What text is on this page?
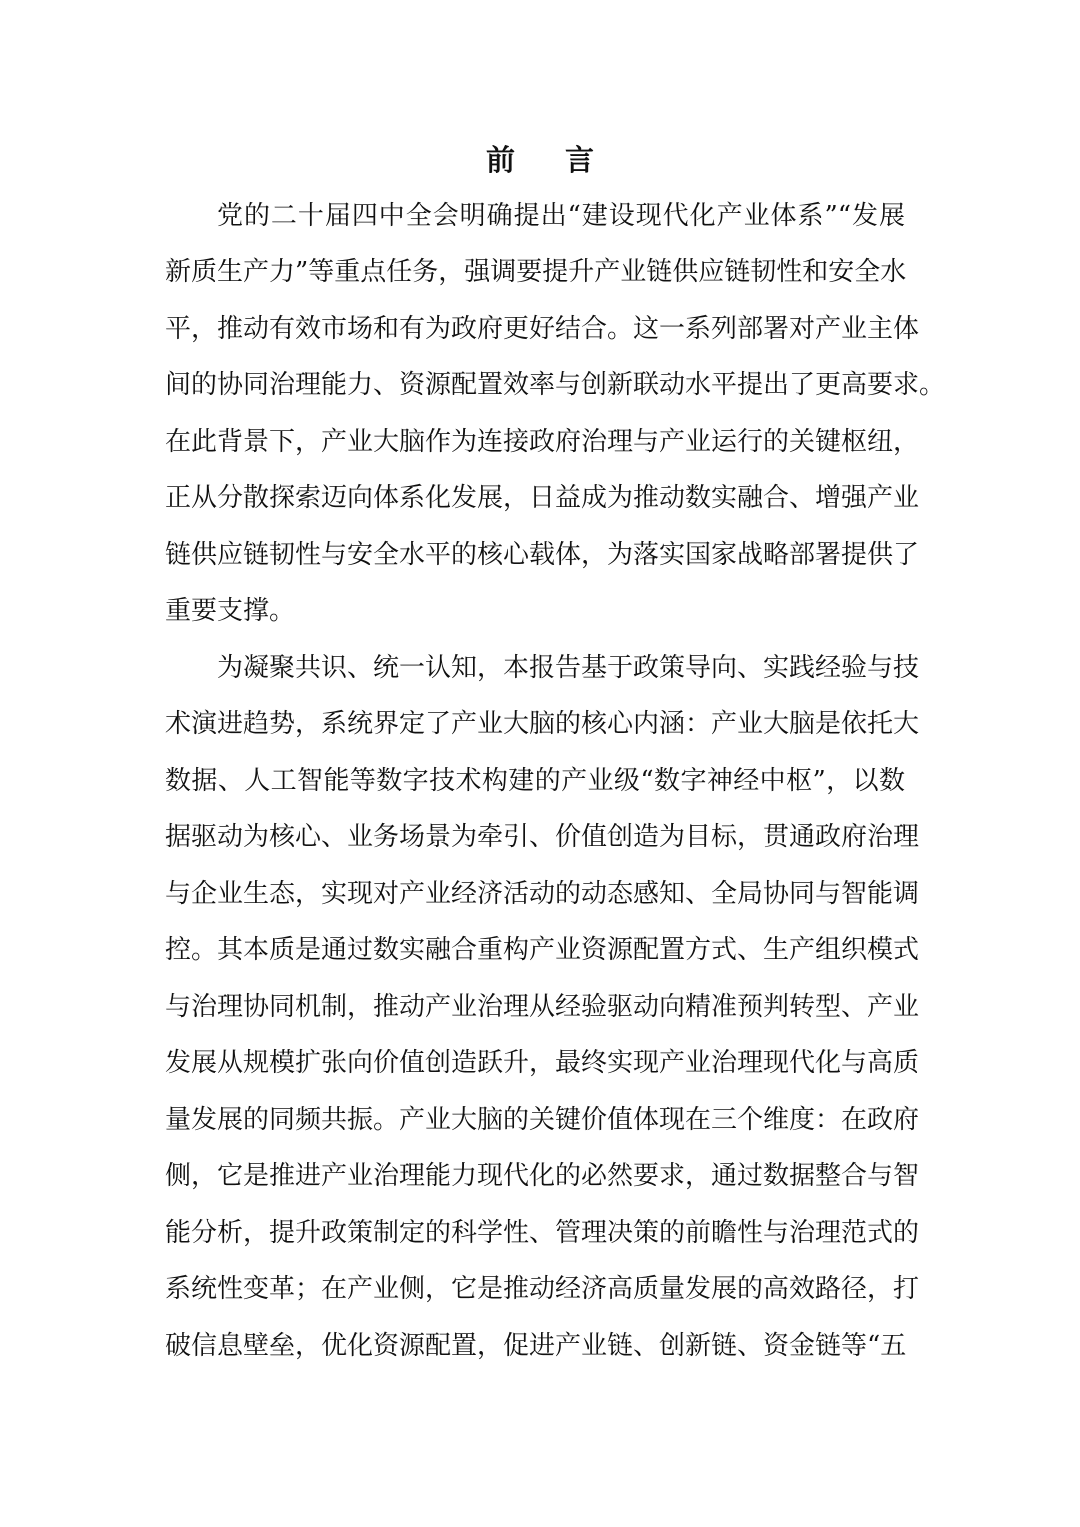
前 言
党的二十届四中全会明确提出“建设现代化产业体系”“发展
新质生产力”等重点任务，强调要提升产业链供应链韧性和安全水
平，推动有效市场和有为政府更好结合。这一系列部署对产业主体
间的协同治理能力、资源配置效率与创新联动水平提出了更高要求。
在此背景下，产业大脑作为连接政府治理与产业运行的关键枢纽，
正从分散探索迈向体系化发展，日益成为推动数实融合、增强产业
链供应链韧性与安全水平的核心载体，为落实国家战略部署提供了
重要支撑。
为凝聚共识、统一认知，本报告基于政策导向、实践经验与技
术演进趋势，系统界定了产业大脑的核心内涵：产业大脑是依托大
数据、人工智能等数字技术构建的产业级“数字神经中枢”，以数
据驱动为核心、业务场景为牵引、价值创造为目标，贯通政府治理
与企业生态，实现对产业经济活动的动态感知、全局协同与智能调
控。其本质是通过数实融合重构产业资源配置方式、生产组织模式
与治理协同机制，推动产业治理从经验驱动向精准预判转型、产业
发展从规模扩张向价值创造跃升，最终实现产业治理现代化与高质
量发展的同频共振。产业大脑的关键价值体现在三个维度：在政府
侧，它是推进产业治理能力现代化的必然要求，通过数据整合与智
能分析，提升政策制定的科学性、管理决策的前瞻性与治理范式的
系统性变革；在产业侧，它是推动经济高质量发展的高效路径，打
破信息壁垒，优化资源配置，促进产业链、创新链、资金链等“五
